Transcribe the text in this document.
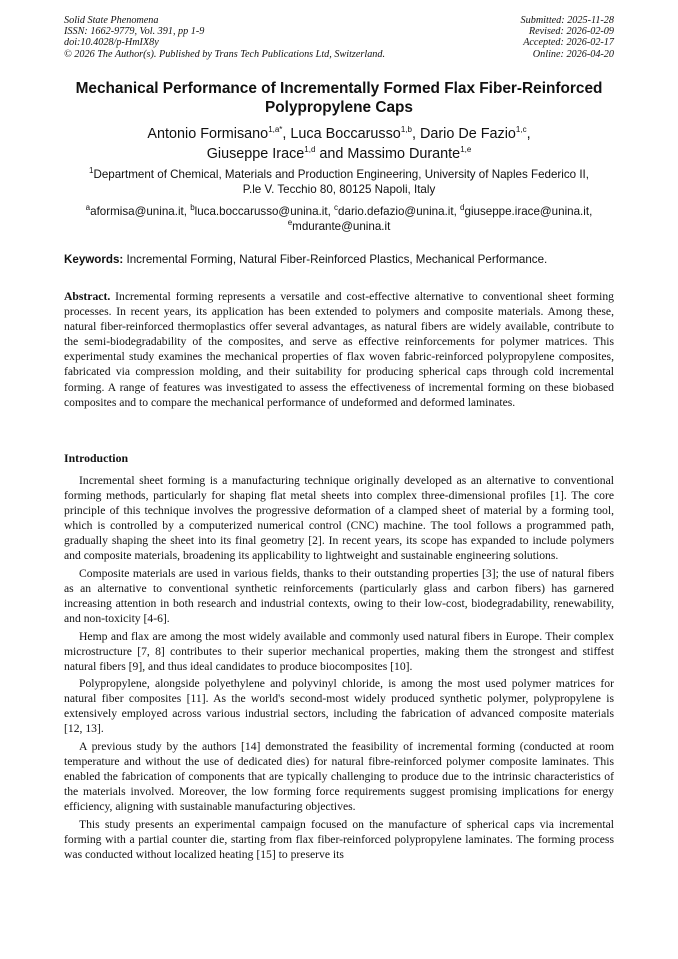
Solid State Phenomena
ISSN: 1662-9779, Vol. 391, pp 1-9
doi:10.4028/p-HmIX8y
© 2026 The Author(s). Published by Trans Tech Publications Ltd, Switzerland.
Submitted: 2025-11-28
Revised: 2026-02-09
Accepted: 2026-02-17
Online: 2026-04-20
Mechanical Performance of Incrementally Formed Flax Fiber-Reinforced
Polypropylene Caps
Antonio Formisano$^{1,a*}$, Luca Boccarusso$^{1,b}$, Dario De Fazio$^{1,c}$,
Giuseppe Irace$^{1,d}$ and Massimo Durante$^{1,e}$
$^1$Department of Chemical, Materials and Production Engineering, University of Naples Federico II,
P.le V. Tecchio 80, 80125 Napoli, Italy
$^a$aformisa@unina.it, $^b$luca.boccarusso@unina.it, $^c$dario.defazio@unina.it, $^d$giuseppe.irace@unina.it,
$^e$mdurante@unina.it
Keywords: Incremental Forming, Natural Fiber-Reinforced Plastics, Mechanical Performance.
Abstract. Incremental forming represents a versatile and cost-effective alternative to conventional sheet forming processes. In recent years, its application has been extended to polymers and composite materials. Among these, natural fiber-reinforced thermoplastics offer several advantages, as natural fibers are widely available, contribute to the semi-biodegradability of the composites, and serve as effective reinforcements for polymer matrices. This experimental study examines the mechanical properties of flax woven fabric-reinforced polypropylene composites, fabricated via compression molding, and their suitability for producing spherical caps through cold incremental forming. A range of features was investigated to assess the effectiveness of incremental forming on these biobased composites and to compare the mechanical performance of undeformed and deformed laminates.
Introduction

Incremental sheet forming is a manufacturing technique originally developed as an alternative to conventional forming methods, particularly for shaping flat metal sheets into complex three-dimensional profiles [1]. The core principle of this technique involves the progressive deformation of a clamped sheet of material by a forming tool, which is controlled by a computerized numerical control (CNC) machine. The tool follows a programmed path, gradually shaping the sheet into its final geometry [2]. In recent years, its scope has expanded to include polymers and composite materials, broadening its applicability to lightweight and sustainable engineering solutions.

Composite materials are used in various fields, thanks to their outstanding properties [3]; the use of natural fibers as an alternative to conventional synthetic reinforcements (particularly glass and carbon fibers) has garnered increasing attention in both research and industrial contexts, owing to their low-cost, biodegradability, renewability, and non-toxicity [4-6].

Hemp and flax are among the most widely available and commonly used natural fibers in Europe. Their complex microstructure [7, 8] contributes to their superior mechanical properties, making them the strongest and stiffest natural fibers [9], and thus ideal candidates to produce biocomposites [10].

Polypropylene, alongside polyethylene and polyvinyl chloride, is among the most used polymer matrices for natural fiber composites [11]. As the world's second-most widely produced synthetic polymer, polypropylene is extensively employed across various industrial sectors, including the fabrication of advanced composite materials [12, 13].

A previous study by the authors [14] demonstrated the feasibility of incremental forming (conducted at room temperature and without the use of dedicated dies) for natural fibre-reinforced polymer composite laminates. This enabled the fabrication of components that are typically challenging to produce due to the intrinsic characteristics of the materials involved. Moreover, the low forming force requirements suggest promising implications for energy efficiency, aligning with sustainable manufacturing objectives.

This study presents an experimental campaign focused on the manufacture of spherical caps via incremental forming with a partial counter die, starting from flax fiber-reinforced polypropylene laminates. The forming process was conducted without localized heating [15] to preserve its
